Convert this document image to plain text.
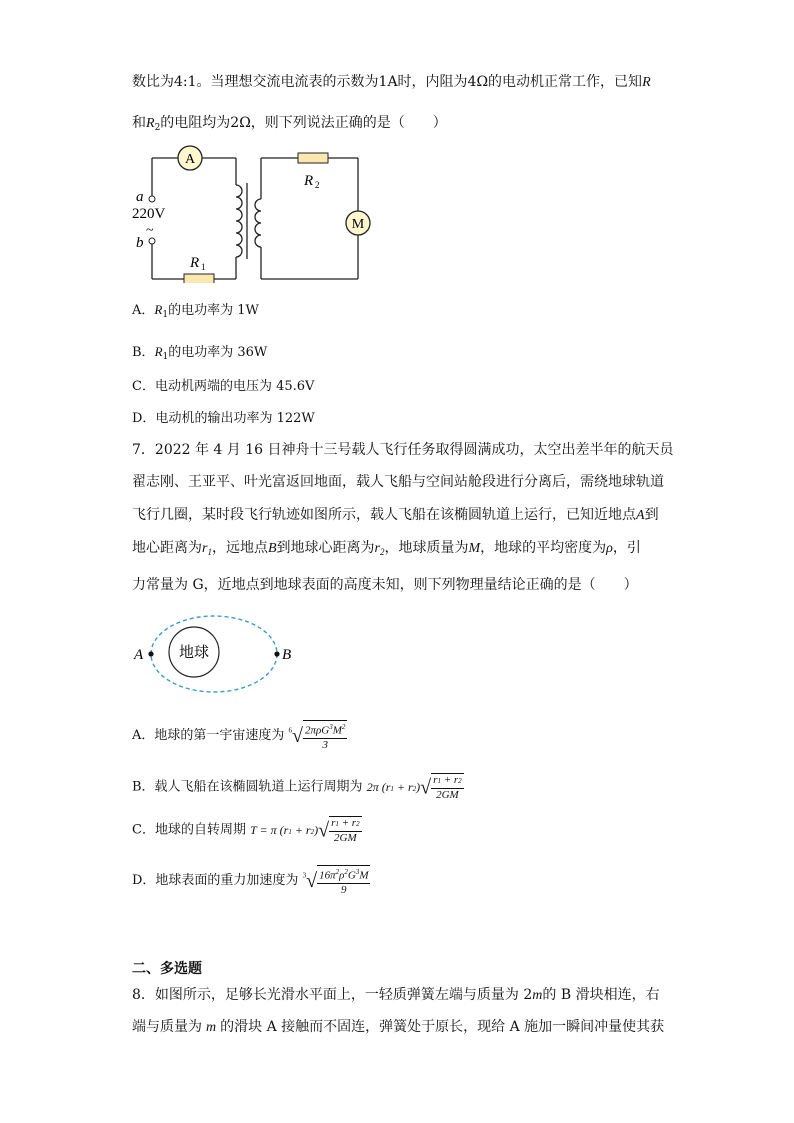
数比为4:1。当理想交流电流表的示数为1A时，内阻为4Ω的电动机正常工作，已知R
和$R_2$的电阻均为2Ω，则下列说法正确的是（　　）
A
M
a
220V
~
b
R 1
R 2
A．$R_1$的电功率为 1W
B．$R_1$的电功率为 36W
C．电动机两端的电压为 45.6V
D．电动机的输出功率为 122W
7．2022 年 4 月 16 日神舟十三号载人飞行任务取得圆满成功，太空出差半年的航天员
翟志刚、王亚平、叶光富返回地面，载人飞船与空间站舱段进行分离后，需绕地球轨道
飞行几圈，某时段飞行轨迹如图所示，载人飞船在该椭圆轨道上运行，已知近地点A到
地心距离为$r_1$，远地点B到地球心距离为$r_2$，地球质量为M，地球的平均密度为ρ，引
力常量为 G，近地点到地球表面的高度未知，则下列物理量结论正确的是（　　）
地球
A	B
A．地球的第一宇宙速度为 $^6√ \frac{2\pi\rho G^3M^2}{3}$
B．载人飞船在该椭圆轨道上运行周期为 2π $(r1 + r2)√ \frac{r1 + r2}{2GM}$
C．地球的自转周期 T = π $(r1 + r2)√ \frac{r1 + r2}{2GM}$
D．地球表面的重力加速度为 $^3√ \frac{16\pi^2\rho^2G^3M}{9}$
二、多选题
8．如图所示，足够长光滑水平面上，一轻质弹簧左端与质量为 2m的 B 滑块相连，右
端与质量为 m 的滑块 A 接触而不固连，弹簧处于原长，现给 A 施加一瞬间冲量使其获
